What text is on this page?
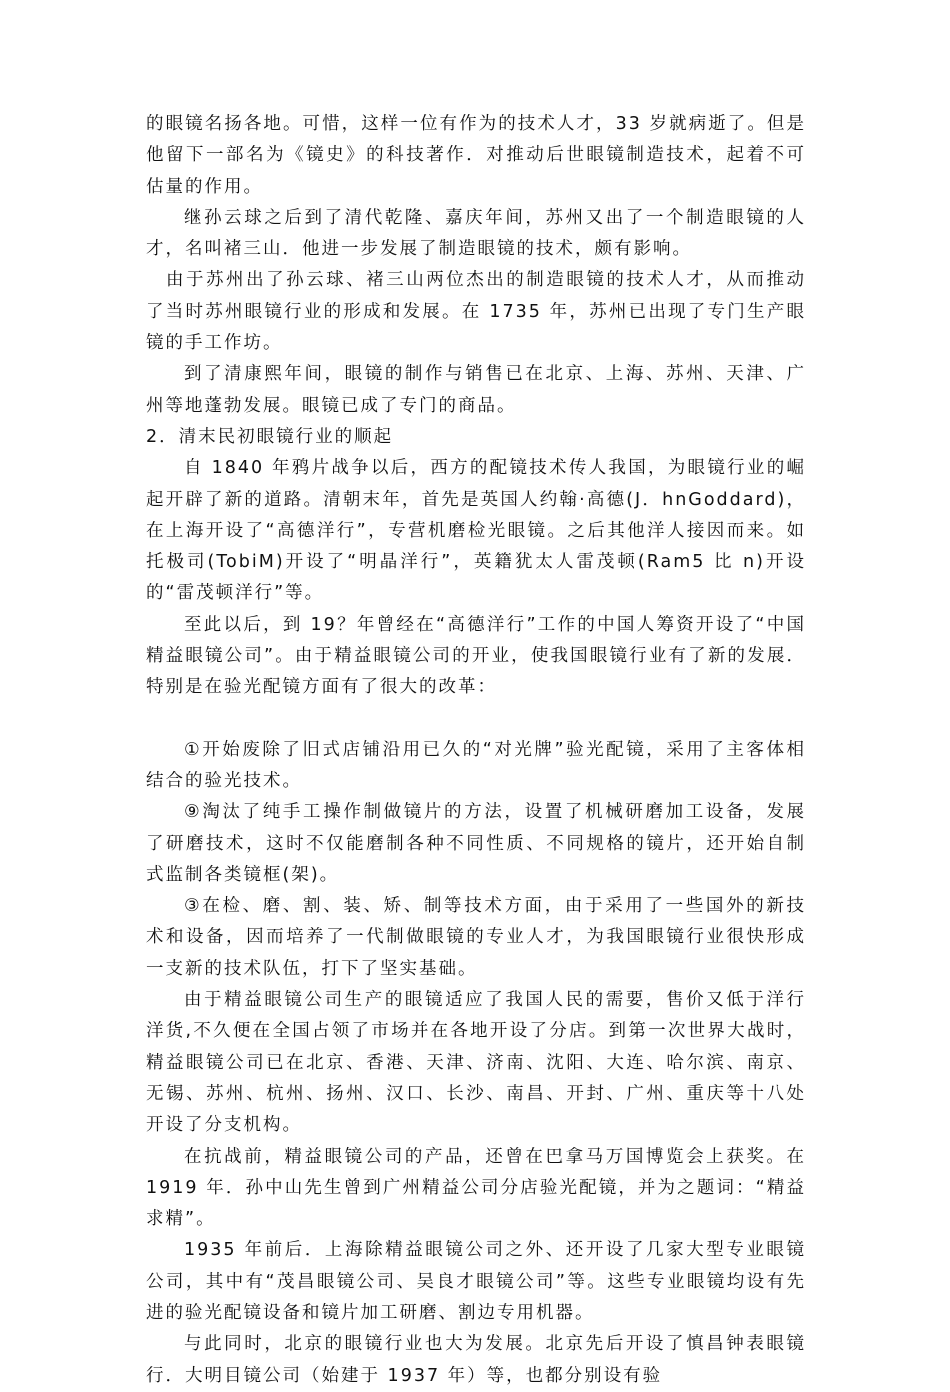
的眼镜名扬各地。可惜，这样一位有作为的技术人才，33 岁就病逝了。但是他留下一部名为《镜史》的科技著作．对推动后世眼镜制造技术，起着不可估量的作用。

继孙云球之后到了清代乾隆、嘉庆年间，苏州又出了一个制造眼镜的人才，名叫褚三山．他进一步发展了制造眼镜的技术，颇有影响。

由于苏州出了孙云球、褚三山两位杰出的制造眼镜的技术人才，从而推动了当时苏州眼镜行业的形成和发展。在 1735 年，苏州已出现了专门生产眼镜的手工作坊。

到了清康熙年间，眼镜的制作与销售已在北京、上海、苏州、天津、广州等地蓬勃发展。眼镜已成了专门的商品。

2．清末民初眼镜行业的顺起

自 1840 年鸦片战争以后，西方的配镜技术传人我国，为眼镜行业的崛起开辟了新的道路。清朝末年，首先是英国人约翰·高德(J．hnGoddard)，在上海开设了“高德洋行”，专营机磨检光眼镜。之后其他洋人接因而来。如托极司(TobiM)开设了“明晶洋行”，英籍犹太人雷茂顿(Ram5 比 n)开设的“雷茂顿洋行”等。

至此以后，到 19？年曾经在“高德洋行”工作的中国人筹资开设了“中国精益眼镜公司”。由于精益眼镜公司的开业，使我国眼镜行业有了新的发展．特别是在验光配镜方面有了很大的改革：

①开始废除了旧式店铺沿用已久的“对光牌”验光配镜，采用了主客体相结合的验光技术。

⑨淘汰了纯手工操作制做镜片的方法，设置了机械研磨加工设备，发展了研磨技术，这时不仅能磨制各种不同性质、不同规格的镜片，还开始自制式监制各类镜框(架)。

③在检、磨、割、装、矫、制等技术方面，由于采用了一些国外的新技术和设备，因而培养了一代制做眼镜的专业人才，为我国眼镜行业很快形成一支新的技术队伍，打下了坚实基础。

由于精益眼镜公司生产的眼镜适应了我国人民的需要，售价又低于洋行洋货,不久便在全国占领了市场并在各地开设了分店。到第一次世界大战时，精益眼镜公司已在北京、香港、天津、济南、沈阳、大连、哈尔滨、南京、无锡、苏州、杭州、扬州、汉口、长沙、南昌、开封、广州、重庆等十八处开设了分支机构。

在抗战前，精益眼镜公司的产品，还曾在巴拿马万国博览会上获奖。在 1919 年．孙中山先生曾到广州精益公司分店验光配镜，并为之题词：“精益求精”。

1935 年前后．上海除精益眼镜公司之外、还开设了几家大型专业眼镜公司，其中有“茂昌眼镜公司、吴良才眼镜公司”等。这些专业眼镜均设有先进的验光配镜设备和镜片加工研磨、割边专用机器。

与此同时，北京的眼镜行业也大为发展。北京先后开设了慎昌钟表眼镜行．大明目镜公司（始建于 1937 年）等，也都分别设有验
